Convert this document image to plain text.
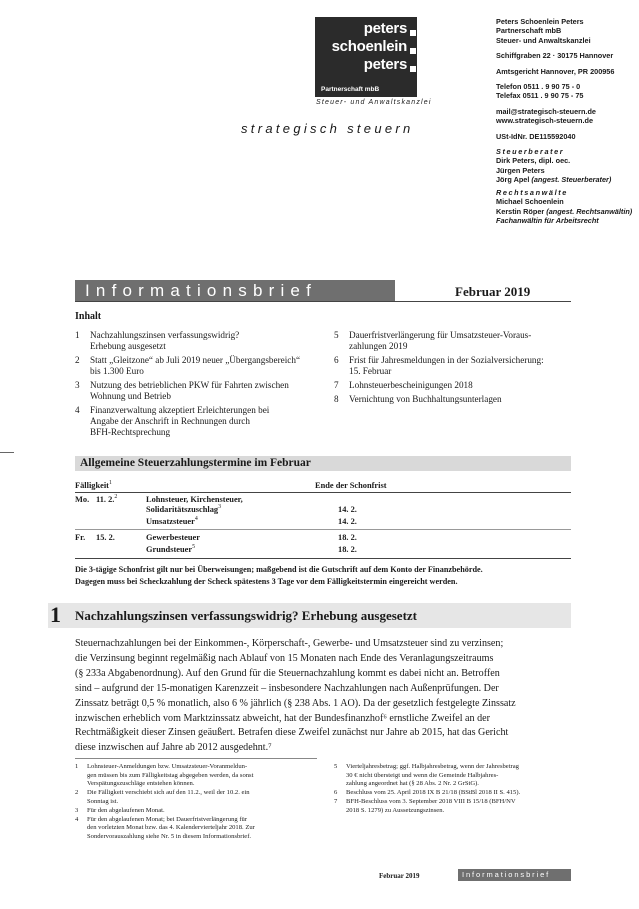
peters
schoenlein
peters
Partnerschaft mbB
Steuer- und Anwaltskanzlei
strategisch steuern
Peters Schoenlein Peters
Partnerschaft mbB
Steuer- und Anwaltskanzlei
Schiffgraben 22 · 30175 Hannover
Amtsgericht Hannover, PR 200956
Telefon 0511 . 9 90 75 - 0
Telefax 0511 . 9 90 75 - 75
mail@strategisch-steuern.de
www.strategisch-steuern.de
USt-IdNr. DE115592040
Steuerberater
Dirk Peters, dipl. oec.
Jürgen Peters
Jörg Apel (angest. Steuerberater)
Rechtsanwälte
Michael Schoenlein
Kerstin Röper (angest. Rechtsanwältin)
Fachanwältin für Arbeitsrecht
Informationsbrief	Februar 2019
Inhalt
1 Nachzahlungszinsen verfassungswidrig?
Erhebung ausgesetzt
2 Statt „Gleitzone“ ab Juli 2019 neuer „Übergangsbereich“
bis 1.300 Euro
3 Nutzung des betrieblichen PKW für Fahrten zwischen
Wohnung und Betrieb
4 Finanzverwaltung akzeptiert Erleichterungen bei
Angabe der Anschrift in Rechnungen durch
BFH-Rechtsprechung
5 Dauerfristverlängerung für Umsatzsteuer-Voraus-
zahlungen 2019
6 Frist für Jahresmeldungen in der Sozialversicherung:
15. Februar
7 Lohnsteuerbescheinigungen 2018
8 Vernichtung von Buchhaltungsunterlagen
Allgemeine Steuerzahlungstermine im Februar
Fälligkeit$^1$	Ende der Schonfrist
Mo. 11. 2.$^2$	Lohnsteuer, Kirchensteuer,
Solidaritätszuschlag$^3$	14. 2.
Umsatzsteuer$^4$	14. 2.
Fr. 15. 2.	Gewerbesteuer	18. 2.
Grundsteuer$^5$	18. 2.
Die 3-tägige Schonfrist gilt nur bei Überweisungen; maßgebend ist die Gutschrift auf dem Konto der Finanzbehörde.
Dagegen muss bei Scheckzahlung der Scheck spätestens 3 Tage vor dem Fälligkeitstermin eingereicht werden.
1 Nachzahlungszinsen verfassungswidrig? Erhebung ausgesetzt
Steuernachzahlungen bei der Einkommen-, Körperschaft-, Gewerbe- und Umsatzsteuer sind zu verzinsen;
die Verzinsung beginnt regelmäßig nach Ablauf von 15 Monaten nach Ende des Veranlagungszeitraums
(§ 233a Abgabenordnung). Auf den Grund für die Steuernachzahlung kommt es dabei nicht an. Betroffen
sind – aufgrund der 15-monatigen Karenzzeit – insbesondere Nachzahlungen nach Außenprüfungen. Der
Zinssatz beträgt 0,5 % monatlich, also 6 % jährlich (§ 238 Abs. 1 AO). Da der gesetzlich festgelegte Zinssatz
inzwischen erheblich vom Marktzinssatz abweicht, hat der Bundesfinanzhof⁶ ernstliche Zweifel an der
Rechtmäßigkeit dieser Zinsen geäußert. Betrafen diese Zweifel zunächst nur Jahre ab 2015, hat das Gericht
diese inzwischen auf Jahre ab 2012 ausgedehnt.⁷
1 Lohnsteuer-Anmeldungen bzw. Umsatzsteuer-Voranmeldun-
gen müssen bis zum Fälligkeitstag abgegeben werden, da sonst
Verspätungszuschläge entstehen können.
2 Die Fälligkeit verschiebt sich auf den 11.2., weil der 10.2. ein
Sonntag ist.
3 Für den abgelaufenen Monat.
4 Für den abgelaufenen Monat; bei Dauerfristverlängerung für
den vorletzten Monat bzw. das 4. Kalendervierteljahr 2018. Zur
Sondervorauszahlung siehe Nr. 5 in diesem Informationsbrief.
5 Vierteljahresbetrag; ggf. Halbjahresbetrag, wenn der Jahresbetrag
30 € nicht übersteigt und wenn die Gemeinde Halbjahres-
zahlung angeordnet hat (§ 28 Abs. 2 Nr. 2 GrStG).
6 Beschluss vom 25. April 2018 IX B 21/18 (BStBl 2018 II S. 415).
7 BFH-Beschluss vom 3. September 2018 VIII B 15/18 (BFH/NV
2018 S. 1279) zu Aussetzungszinsen.
Februar 2019	Informationsbrief
